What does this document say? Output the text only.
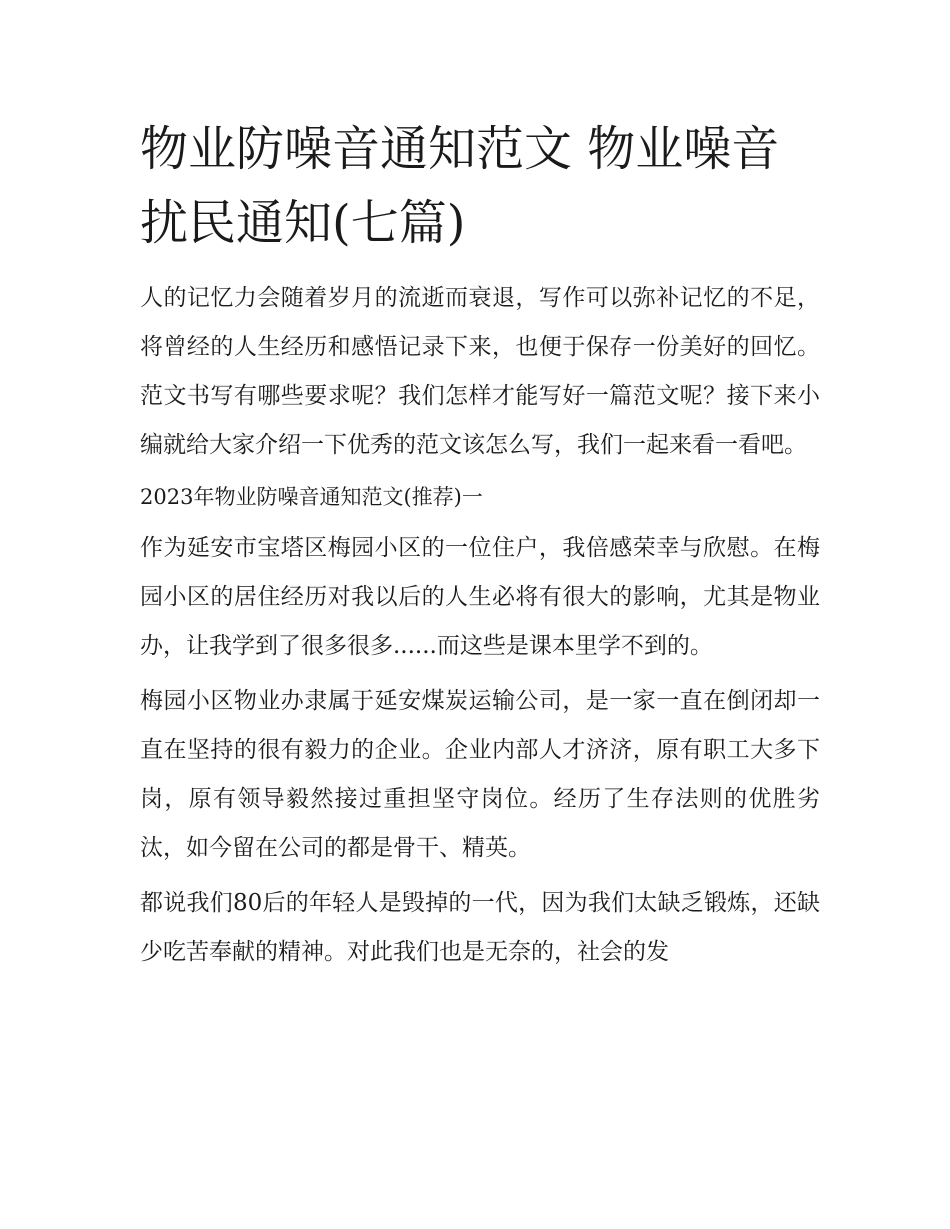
物业防噪音通知范文 物业噪音扰民通知(七篇)

人的记忆力会随着岁月的流逝而衰退，写作可以弥补记忆的不足，将曾经的人生经历和感悟记录下来，也便于保存一份美好的回忆。范文书写有哪些要求呢？我们怎样才能写好一篇范文呢？接下来小编就给大家介绍一下优秀的范文该怎么写，我们一起来看一看吧。

2023年物业防噪音通知范文(推荐)一

作为延安市宝塔区梅园小区的一位住户，我倍感荣幸与欣慰。在梅园小区的居住经历对我以后的人生必将有很大的影响，尤其是物业办，让我学到了很多很多......而这些是课本里学不到的。

梅园小区物业办隶属于延安煤炭运输公司，是一家一直在倒闭却一直在坚持的很有毅力的企业。企业内部人才济济，原有职工大多下岗，原有领导毅然接过重担坚守岗位。经历了生存法则的优胜劣汰，如今留在公司的都是骨干、精英。

都说我们80后的年轻人是毁掉的一代，因为我们太缺乏锻炼，还缺少吃苦奉献的精神。对此我们也是无奈的，社会的发
